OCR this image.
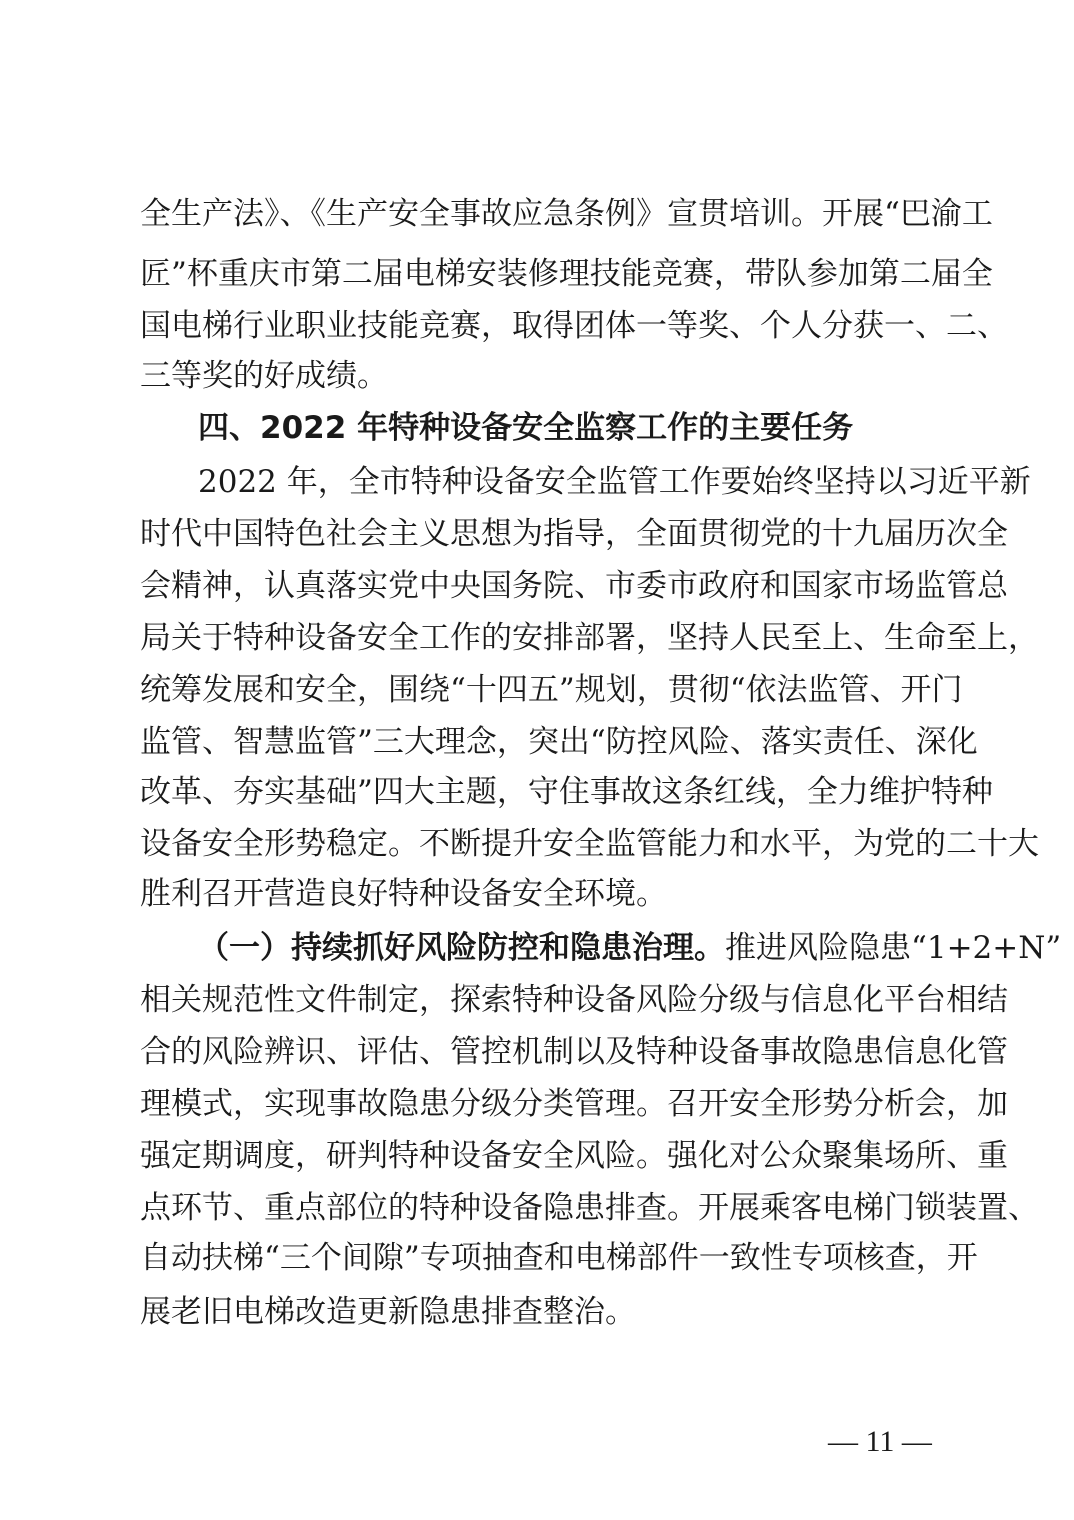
全生产法》、《生产安全事故应急条例》宣贯培训。开展“巴渝工
匠”杯重庆市第二届电梯安装修理技能竞赛，带队参加第二届全
国电梯行业职业技能竞赛，取得团体一等奖、个人分获一、二、
三等奖的好成绩。
四、2022 年特种设备安全监察工作的主要任务
2022 年，全市特种设备安全监管工作要始终坚持以习近平新
时代中国特色社会主义思想为指导，全面贯彻党的十九届历次全
会精神，认真落实党中央国务院、市委市政府和国家市场监管总
局关于特种设备安全工作的安排部署，坚持人民至上、生命至上，
统筹发展和安全，围绕“十四五”规划，贯彻“依法监管、开门
监管、智慧监管”三大理念，突出“防控风险、落实责任、深化
改革、夯实基础”四大主题，守住事故这条红线，全力维护特种
设备安全形势稳定。不断提升安全监管能力和水平，为党的二十大
胜利召开营造良好特种设备安全环境。
（一）持续抓好风险防控和隐患治理。推进风险隐患“1+2+N”
相关规范性文件制定，探索特种设备风险分级与信息化平台相结
合的风险辨识、评估、管控机制以及特种设备事故隐患信息化管
理模式，实现事故隐患分级分类管理。召开安全形势分析会，加
强定期调度，研判特种设备安全风险。强化对公众聚集场所、重
点环节、重点部位的特种设备隐患排查。开展乘客电梯门锁装置、
自动扶梯“三个间隙”专项抽查和电梯部件一致性专项核查，开
展老旧电梯改造更新隐患排查整治。
— 11 —
